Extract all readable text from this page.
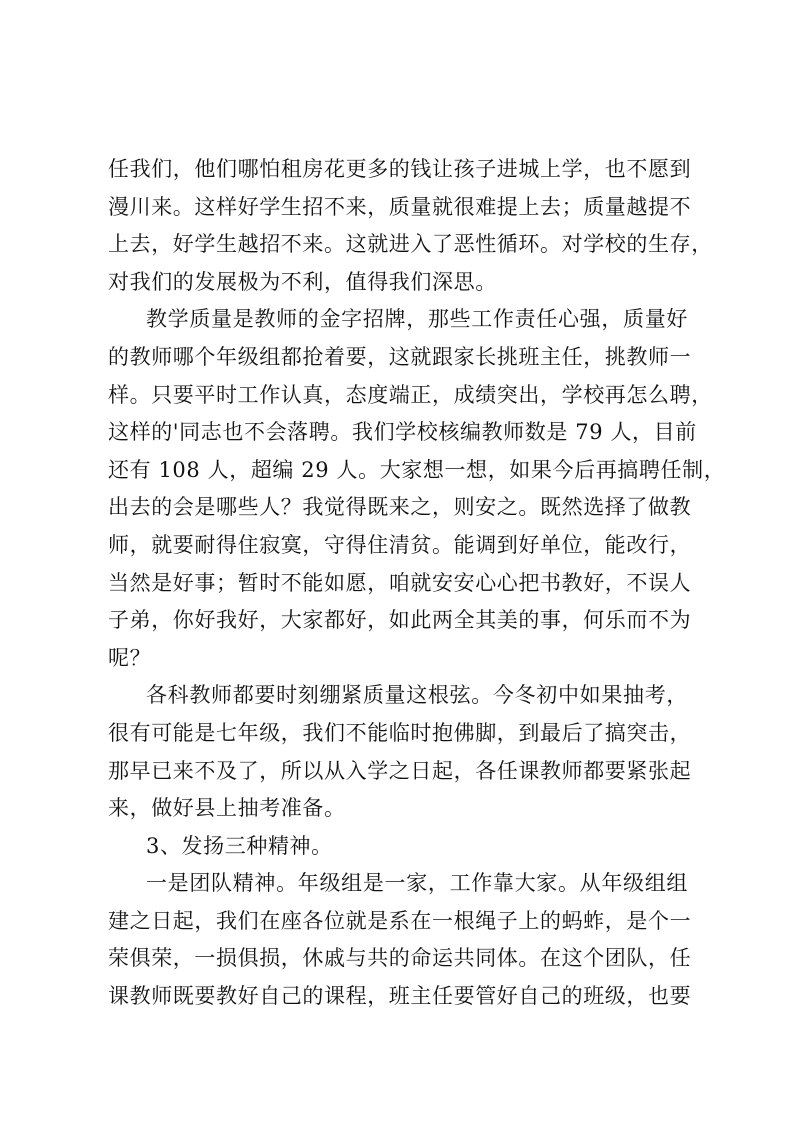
任我们，他们哪怕租房花更多的钱让孩子进城上学，也不愿到
漫川来。这样好学生招不来，质量就很难提上去；质量越提不
上去，好学生越招不来。这就进入了恶性循环。对学校的生存，
对我们的发展极为不利，值得我们深思。
教学质量是教师的金字招牌，那些工作责任心强，质量好
的教师哪个年级组都抢着要，这就跟家长挑班主任，挑教师一
样。只要平时工作认真，态度端正，成绩突出，学校再怎么聘，
这样的'同志也不会落聘。我们学校核编教师数是 79 人，目前
还有 108 人，超编 29 人。大家想一想，如果今后再搞聘任制，
出去的会是哪些人？我觉得既来之，则安之。既然选择了做教
师，就要耐得住寂寞，守得住清贫。能调到好单位，能改行，
当然是好事；暂时不能如愿，咱就安安心心把书教好，不误人
子弟，你好我好，大家都好，如此两全其美的事，何乐而不为
呢？
各科教师都要时刻绷紧质量这根弦。今冬初中如果抽考，
很有可能是七年级，我们不能临时抱佛脚，到最后了搞突击，
那早已来不及了，所以从入学之日起，各任课教师都要紧张起
来，做好县上抽考准备。
3、发扬三种精神。
一是团队精神。年级组是一家，工作靠大家。从年级组组
建之日起，我们在座各位就是系在一根绳子上的蚂蚱，是个一
荣俱荣，一损俱损，休戚与共的命运共同体。在这个团队，任
课教师既要教好自己的课程，班主任要管好自己的班级，也要
